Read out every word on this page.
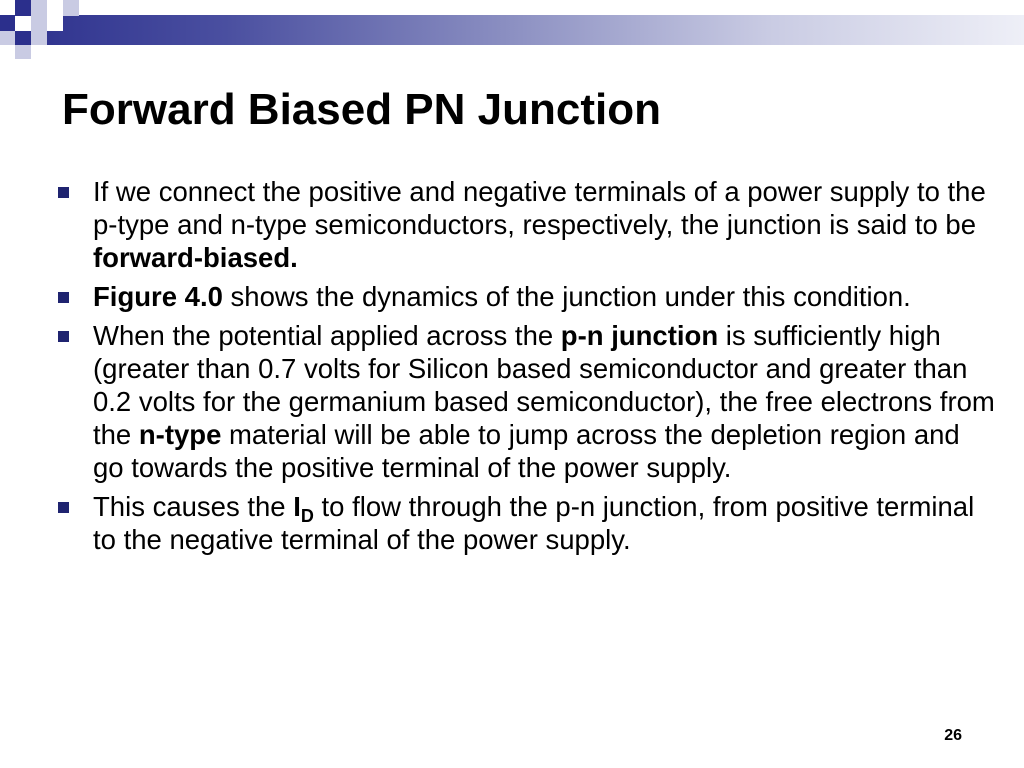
Forward Biased PN Junction
If we connect the positive and negative terminals of a power supply to the p-type and n-type semiconductors, respectively, the junction is said to be forward-biased.
Figure 4.0 shows the dynamics of the junction under this condition.
When the potential applied across the p-n junction is sufficiently high (greater than 0.7 volts for Silicon based semiconductor and greater than 0.2 volts for the germanium based semiconductor), the free electrons from the n-type material will be able to jump across the depletion region and go towards the positive terminal of the power supply.
This causes the $I_D$ to flow through the p-n junction, from positive terminal to the negative terminal of the power supply.
26
